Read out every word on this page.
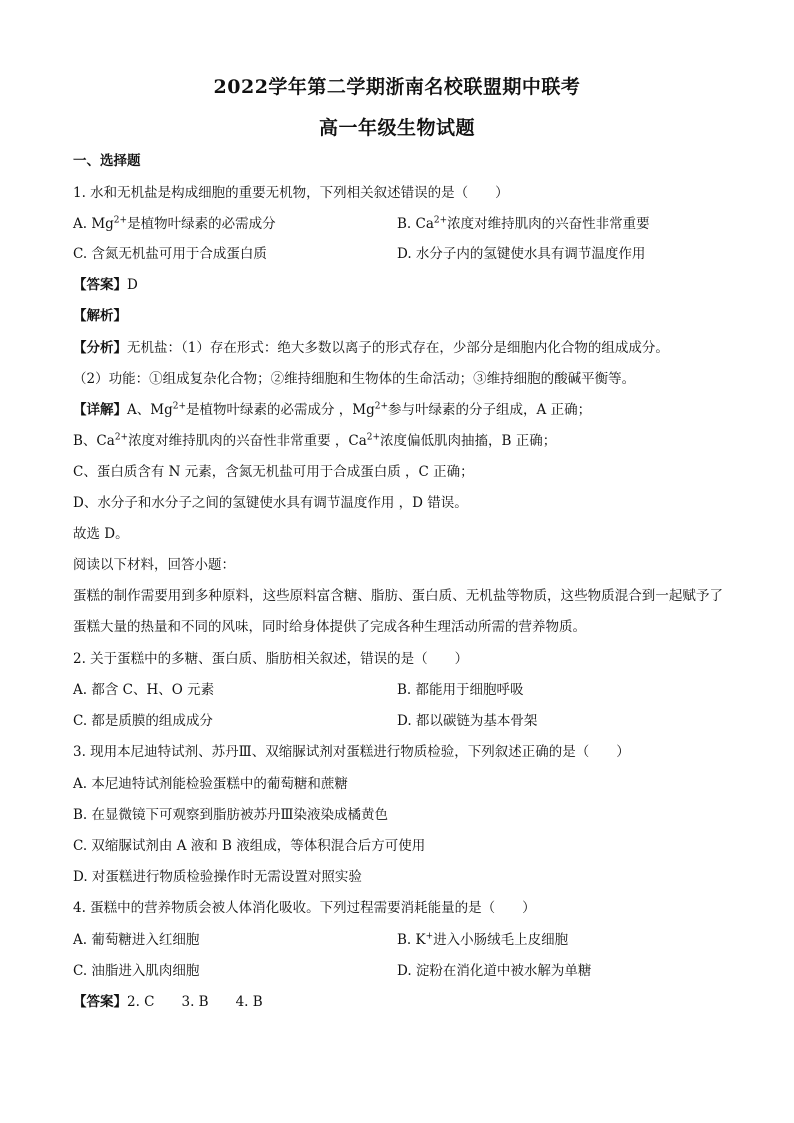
2022学年第二学期浙南名校联盟期中联考
高一年级生物试题
一、选择题
1. 水和无机盐是构成细胞的重要无机物，下列相关叙述错误的是（　　）
A. $Mg^{2+}$是植物叶绿素的必需成分	B. $Ca^{2+}$浓度对维持肌肉的兴奋性非常重要
C. 含氮无机盐可用于合成蛋白质	D. 水分子内的氢键使水具有调节温度作用
【答案】D
【解析】
【分析】无机盐：（1）存在形式：绝大多数以离子的形式存在，少部分是细胞内化合物的组成成分。
（2）功能：①组成复杂化合物；②维持细胞和生物体的生命活动；③维持细胞的酸碱平衡等。
【详解】A、$Mg^{2+}$是植物叶绿素的必需成分 ，$Mg^{2+}$参与叶绿素的分子组成，A 正确；
B、$Ca^{2+}$浓度对维持肌肉的兴奋性非常重要 ，$Ca^{2+}$浓度偏低肌肉抽搐，B 正确；
C、蛋白质含有 N 元素，含氮无机盐可用于合成蛋白质 ，C 正确；
D、水分子和水分子之间的氢键使水具有调节温度作用 ，D 错误。
故选 D。
阅读以下材料，回答小题：
蛋糕的制作需要用到多种原料，这些原料富含糖、脂肪、蛋白质、无机盐等物质，这些物质混合到一起赋予了蛋糕大量的热量和不同的风味，同时给身体提供了完成各种生理活动所需的营养物质。
2. 关于蛋糕中的多糖、蛋白质、脂肪相关叙述，错误的是（　　）
A. 都含 C、H、O 元素	B. 都能用于细胞呼吸
C. 都是质膜的组成成分	D. 都以碳链为基本骨架
3. 现用本尼迪特试剂、苏丹Ⅲ、双缩脲试剂对蛋糕进行物质检验，下列叙述正确的是（　　）
A. 本尼迪特试剂能检验蛋糕中的葡萄糖和蔗糖
B. 在显微镜下可观察到脂肪被苏丹Ⅲ染液染成橘黄色
C. 双缩脲试剂由 A 液和 B 液组成，等体积混合后方可使用
D. 对蛋糕进行物质检验操作时无需设置对照实验
4. 蛋糕中的营养物质会被人体消化吸收。下列过程需要消耗能量的是（　　）
A. 葡萄糖进入红细胞	B. K+进入小肠绒毛上皮细胞
C. 油脂进入肌肉细胞	D. 淀粉在消化道中被水解为单糖
【答案】2. C　　3. B　　4. B
